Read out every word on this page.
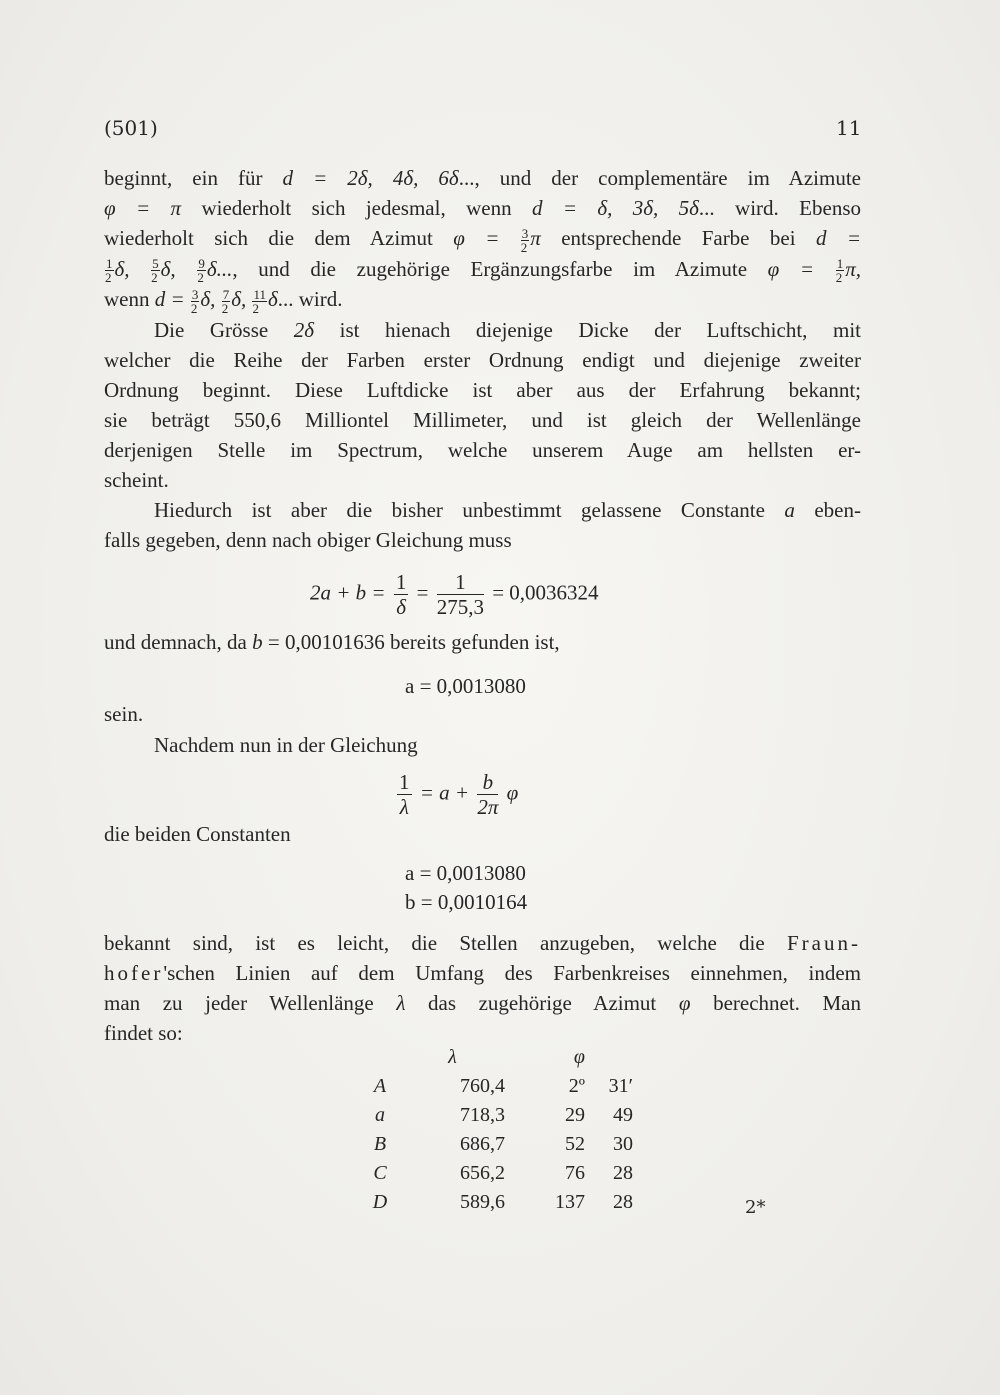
(501)	11

beginnt, ein für d = 2δ, 4δ, 6δ..., und der complementäre im Azimute
φ = π wiederholt sich jedesmal, wenn d = δ, 3δ, 5δ... wird. Ebenso
wiederholt sich die dem Azimut $\varphi = \frac{3}{2}$ π entsprechende Farbe bei d =
$\frac{1}{2} \delta$, $\frac{5}{2} \delta$, $\frac{9}{2} \delta$..., und die zugehörige Ergänzungsfarbe im Azimute $\varphi = \frac{1}{2} \pi$,
wenn $d = \frac{3}{2} \delta$, $\frac{7}{2} \delta$, $\frac{11}{2} \delta$... wird.

Die Grösse 2δ ist hienach diejenige Dicke der Luftschicht, mit

welcher die Reihe der Farben erster Ordnung endigt und diejenige zweiter
Ordnung beginnt. Diese Luftdicke ist aber aus der Erfahrung bekannt;
sie beträgt 550,6 Milliontel Millimeter, und ist gleich der Wellenlänge
derjenigen Stelle im Spectrum, welche unserem Auge am hellsten er-
scheint.

Hiedurch ist aber die bisher unbestimmt gelassene Constante a eben-

falls gegeben, denn nach obiger Gleichung muss

$2a + b = \frac{1}{\delta} = \frac{1}{275,3} = 0,0036324$
und demnach, da b = 0,00101636 bereits gefunden ist,
a = 0,0013080
sein.
Nachdem nun in der Gleichung
$\frac{1}{\lambda} = a + \frac{b}{2\pi}$ φ
die beiden Constanten
a = 0,0013080
b = 0,0010164

bekannt sind, ist es leicht, die Stellen anzugeben, welche die Fraun-
hofer'schen Linien auf dem Umfang des Farbenkreises einnehmen, indem
man zu jeder Wellenlänge λ das zugehörige Azimut φ berechnet. Man
findet so:

	λ	φ	
A	760,4	2º	31′
a	718,3	29	49
B	686,7	52	30
C	656,2	76	28
D	589,6	137	28	2*
